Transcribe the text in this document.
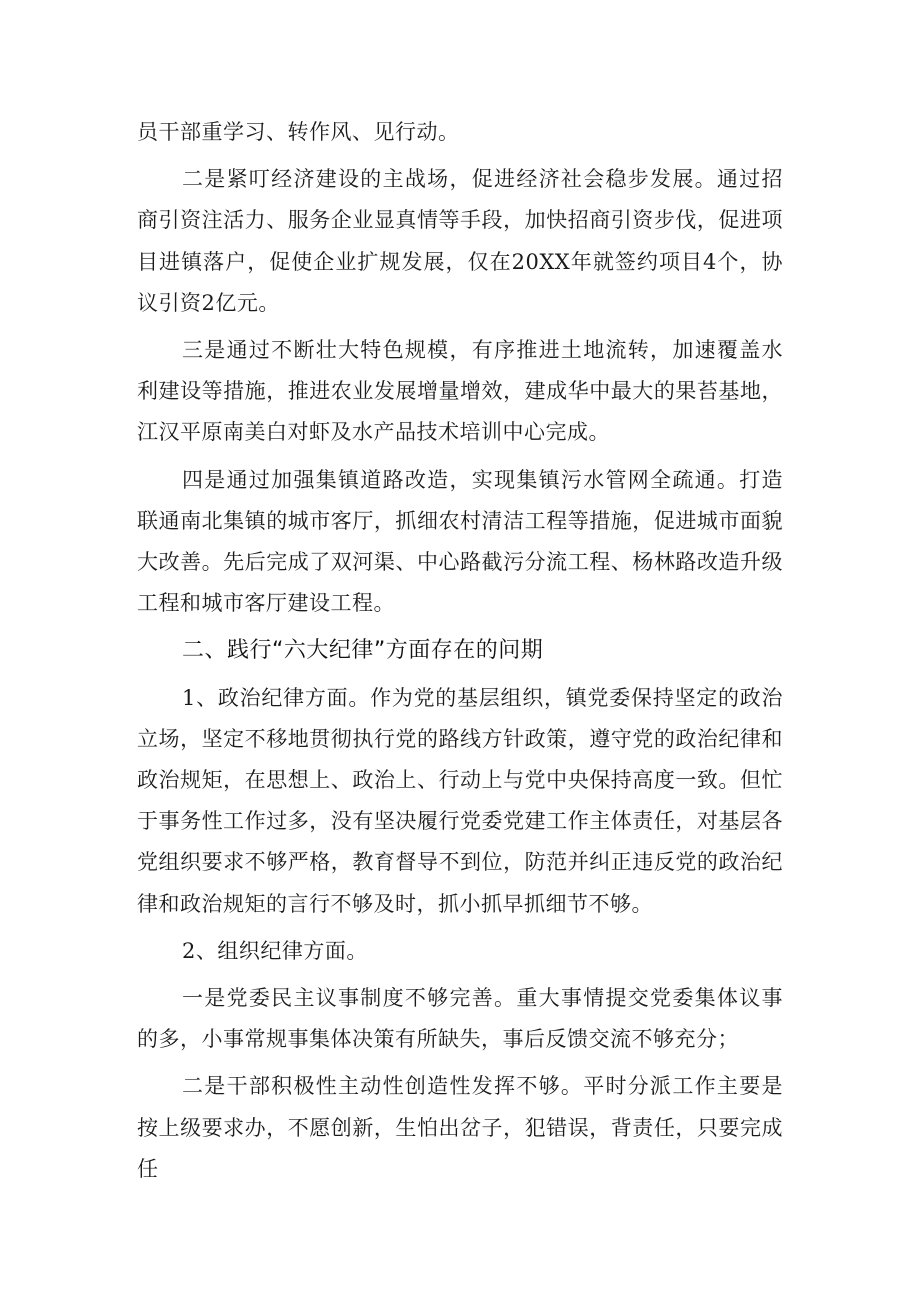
员干部重学习、转作风、见行动。

二是紧叮经济建设的主战场，促进经济社会稳步发展。通过招商引资注活力、服务企业显真情等手段，加快招商引资步伐，促进项目进镇落户，促使企业扩规发展，仅在20XX年就签约项目4个，协议引资2亿元。

三是通过不断壮大特色规模，有序推进土地流转，加速覆盖水利建设等措施，推进农业发展增量增效，建成华中最大的果苔基地，江汉平原南美白对虾及水产品技术培训中心完成。

四是通过加强集镇道路改造，实现集镇污水管网全疏通。打造联通南北集镇的城市客厅，抓细农村清洁工程等措施，促进城市面貌大改善。先后完成了双河渠、中心路截污分流工程、杨林路改造升级工程和城市客厅建设工程。

二、践行“六大纪律”方面存在的问期

1、政治纪律方面。作为党的基层组织，镇党委保持坚定的政治立场，坚定不移地贯彻执行党的路线方针政策，遵守党的政治纪律和政治规矩，在思想上、政治上、行动上与党中央保持高度一致。但忙于事务性工作过多，没有坚决履行党委党建工作主体责任，对基层各党组织要求不够严格，教育督导不到位，防范并纠正违反党的政治纪律和政治规矩的言行不够及时，抓小抓早抓细节不够。

2、组织纪律方面。

一是党委民主议事制度不够完善。重大事情提交党委集体议事的多，小事常规事集体决策有所缺失，事后反馈交流不够充分；

二是干部积极性主动性创造性发挥不够。平时分派工作主要是按上级要求办，不愿创新，生怕出岔子，犯错误，背责任，只要完成任
